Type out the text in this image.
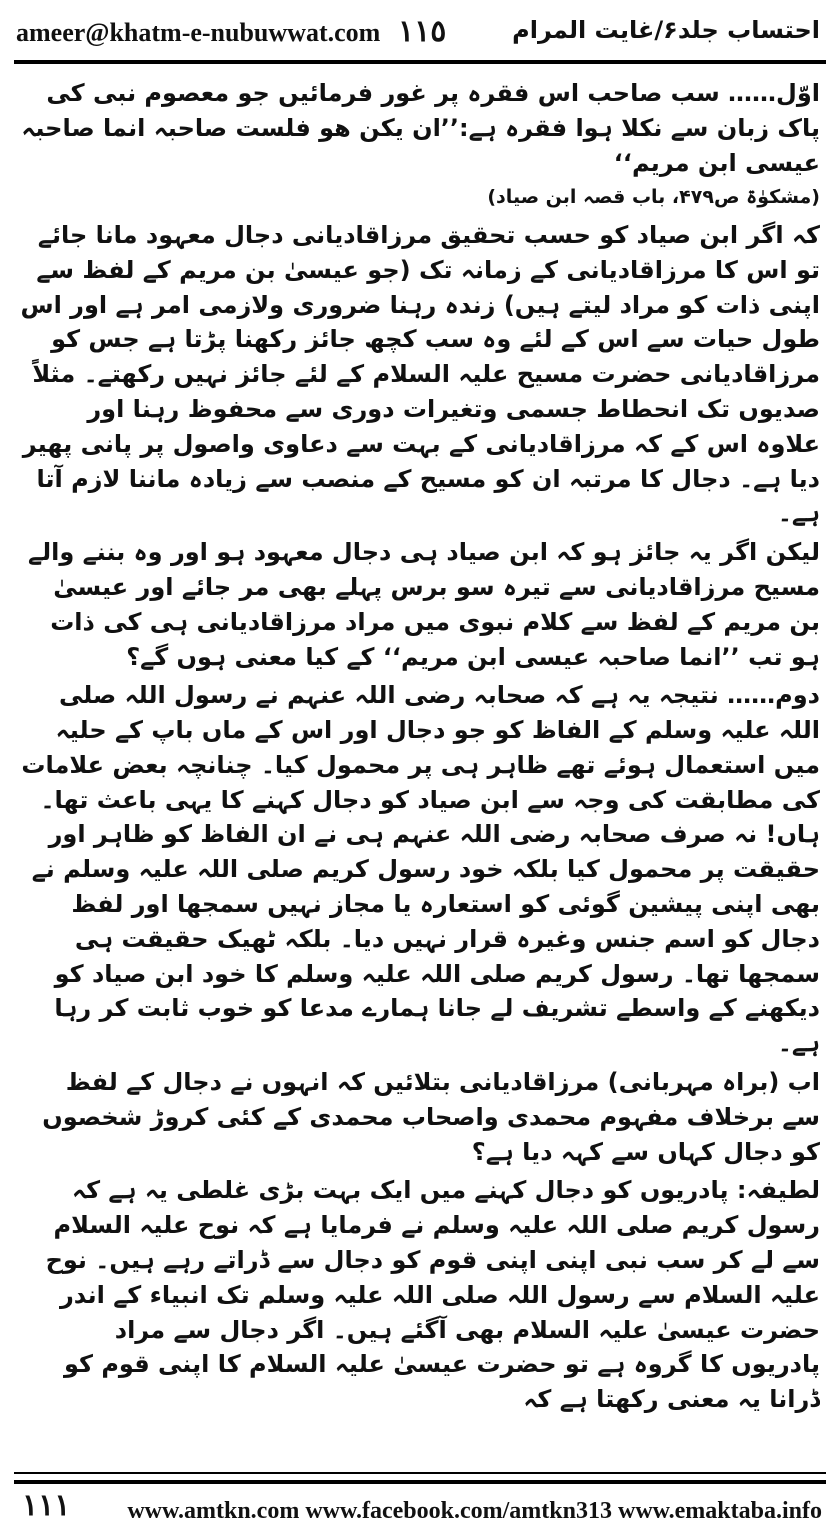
ameer@khatm-e-nubuwwat.com ١١٥	احتساب جلد۶/غایت المرام
اوّل…… سب صاحب اس فقرہ پر غور فرمائیں جو معصوم نبی کی پاک زبان سے نکلا ہوا فقرہ ہے:’’ان یکن ھو فلست صاحبہ انما صاحبہ عیسی ابن مریم‘‘
(مشکوٰۃ ص۴۷۹، باب قصہ ابن صیاد)
کہ اگر ابن صیاد کو حسب تحقیق مرزاقادیانی دجال معہود مانا جائے تو اس کا مرزاقادیانی کے زمانہ تک (جو عیسیٰ بن مریم کے لفظ سے اپنی ذات کو مراد لیتے ہیں) زندہ رہنا ضروری ولازمی امر ہے اور اس طول حیات سے اس کے لئے وہ سب کچھ جائز رکھنا پڑتا ہے جس کو مرزاقادیانی حضرت مسیح علیہ السلام کے لئے جائز نہیں رکھتے۔ مثلاً صدیوں تک انحطاط جسمی وتغیرات دوری سے محفوظ رہنا اور علاوہ اس کے کہ مرزاقادیانی کے بہت سے دعاوی واصول پر پانی پھیر دیا ہے۔ دجال کا مرتبہ ان کو مسیح کے منصب سے زیادہ ماننا لازم آتا ہے۔
لیکن اگر یہ جائز ہو کہ ابن صیاد ہی دجال معہود ہو اور وہ بننے والے مسیح مرزاقادیانی سے تیرہ سو برس پہلے بھی مر جائے اور عیسیٰ بن مریم کے لفظ سے کلام نبوی میں مراد مرزاقادیانی ہی کی ذات ہو تب ’’انما صاحبہ عیسی ابن مریم‘‘ کے کیا معنی ہوں گے؟
دوم…… نتیجہ یہ ہے کہ صحابہ رضی اللہ عنہم نے رسول اللہ صلی اللہ علیہ وسلم کے الفاظ کو جو دجال اور اس کے ماں باپ کے حلیہ میں استعمال ہوئے تھے ظاہر ہی پر محمول کیا۔ چنانچہ بعض علامات کی مطابقت کی وجہ سے ابن صیاد کو دجال کہنے کا یہی باعث تھا۔ ہاں! نہ صرف صحابہ رضی اللہ عنہم ہی نے ان الفاظ کو ظاہر اور حقیقت پر محمول کیا بلکہ خود رسول کریم صلی اللہ علیہ وسلم نے بھی اپنی پیشین گوئی کو استعارہ یا مجاز نہیں سمجھا اور لفظ دجال کو اسم جنس وغیرہ قرار نہیں دیا۔ بلکہ ٹھیک حقیقت ہی سمجھا تھا۔ رسول کریم صلی اللہ علیہ وسلم کا خود ابن صیاد کو دیکھنے کے واسطے تشریف لے جانا ہمارے مدعا کو خوب ثابت کر رہا ہے۔
اب (براہ مہربانی) مرزاقادیانی بتلائیں کہ انہوں نے دجال کے لفظ سے برخلاف مفہوم محمدی واصحاب محمدی کے کئی کروڑ شخصوں کو دجال کہاں سے کہہ دیا ہے؟
لطیفہ: پادریوں کو دجال کہنے میں ایک بہت بڑی غلطی یہ ہے کہ رسول کریم صلی اللہ علیہ وسلم نے فرمایا ہے کہ نوح علیہ السلام سے لے کر سب نبی اپنی اپنی قوم کو دجال سے ڈراتے رہے ہیں۔ نوح علیہ السلام سے رسول اللہ صلی اللہ علیہ وسلم تک انبیاء کے اندر حضرت عیسیٰ علیہ السلام بھی آگئے ہیں۔ اگر دجال سے مراد پادریوں کا گروہ ہے تو حضرت عیسیٰ علیہ السلام کا اپنی قوم کو ڈرانا یہ معنی رکھتا ہے کہ
١١١ www.amtkn.com www.facebook.com/amtkn313 www.emaktaba.info
